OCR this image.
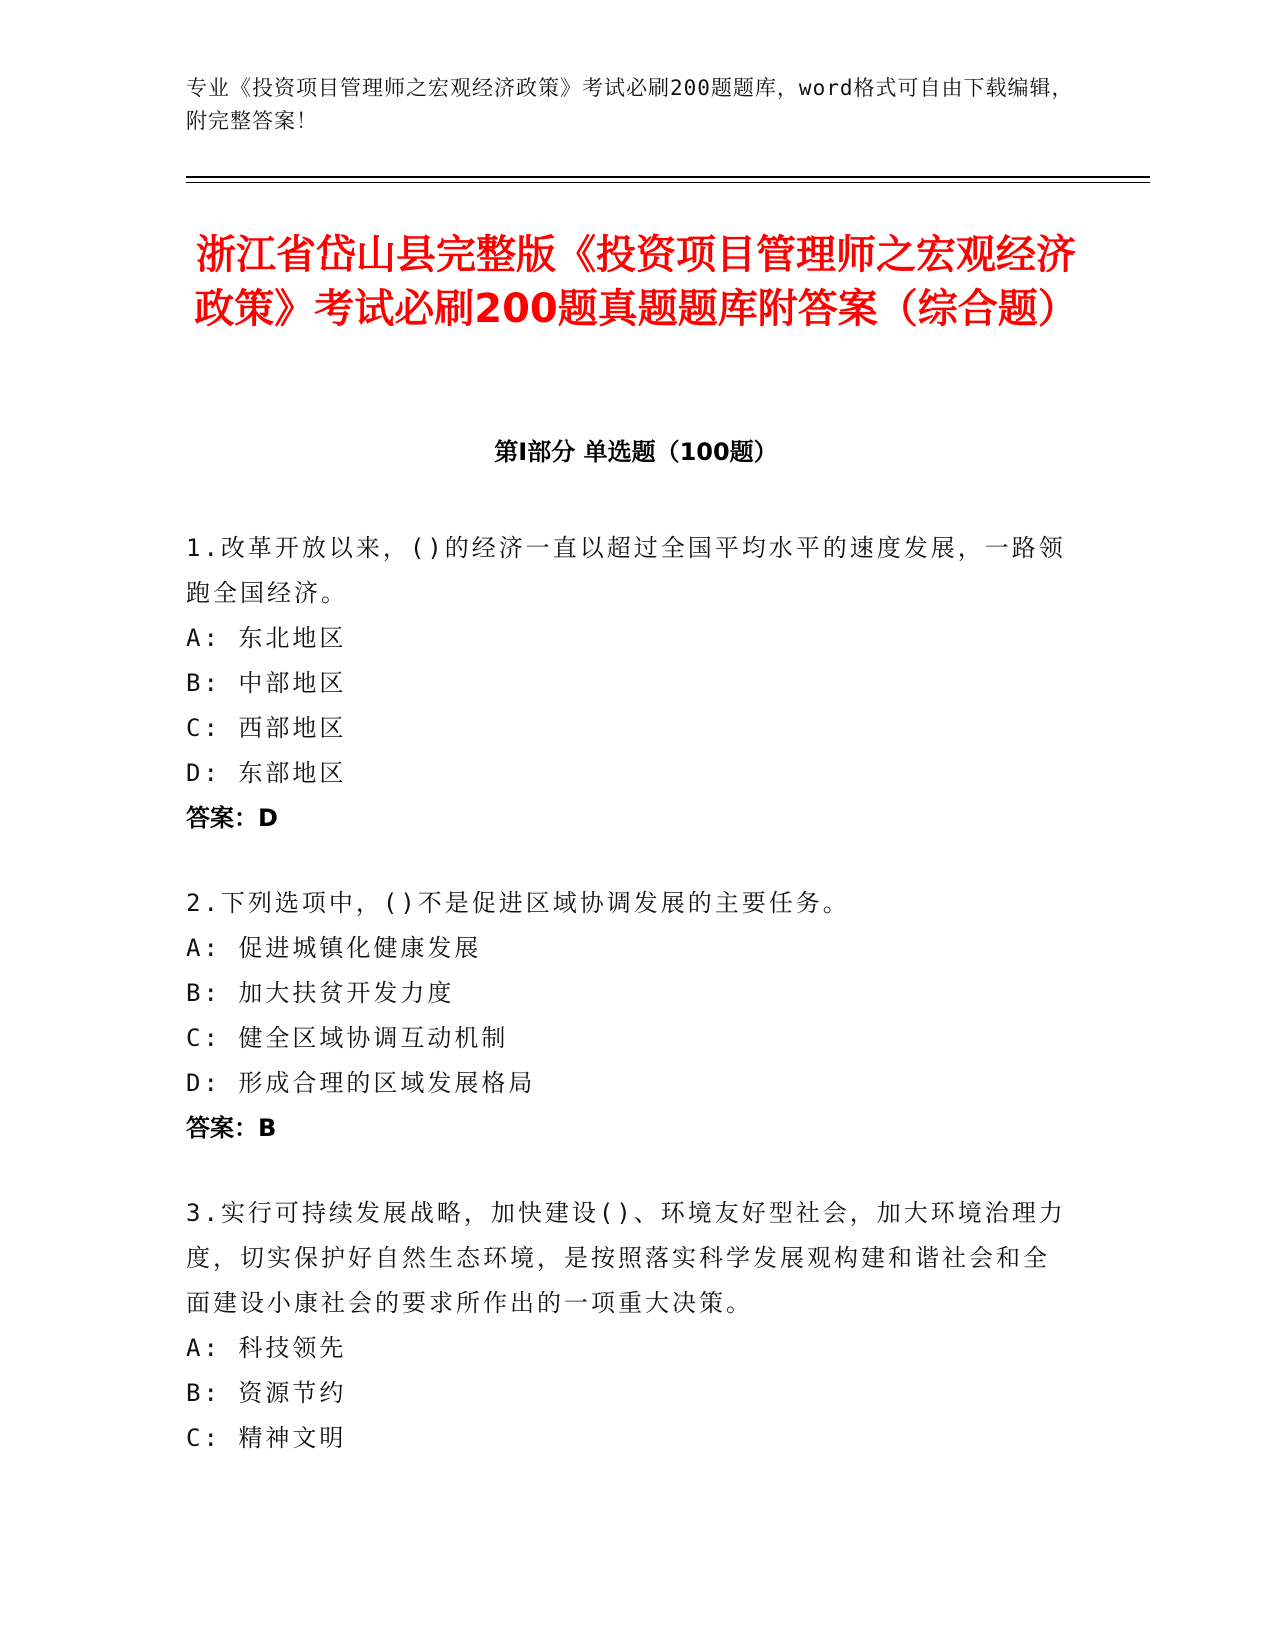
专业《投资项目管理师之宏观经济政策》考试必刷200题题库，word格式可自由下载编辑，附完整答案！
浙江省岱山县完整版《投资项目管理师之宏观经济政策》考试必刷200题真题题库附答案（综合题）
第I部分 单选题（100题）
1.改革开放以来，()的经济一直以超过全国平均水平的速度发展，一路领跑全国经济。
A: 东北地区
B: 中部地区
C: 西部地区
D: 东部地区
答案：D
2.下列选项中，()不是促进区域协调发展的主要任务。
A: 促进城镇化健康发展
B: 加大扶贫开发力度
C: 健全区域协调互动机制
D: 形成合理的区域发展格局
答案：B
3.实行可持续发展战略，加快建设()、环境友好型社会，加大环境治理力度，切实保护好自然生态环境，是按照落实科学发展观构建和谐社会和全面建设小康社会的要求所作出的一项重大决策。
A: 科技领先
B: 资源节约
C: 精神文明
